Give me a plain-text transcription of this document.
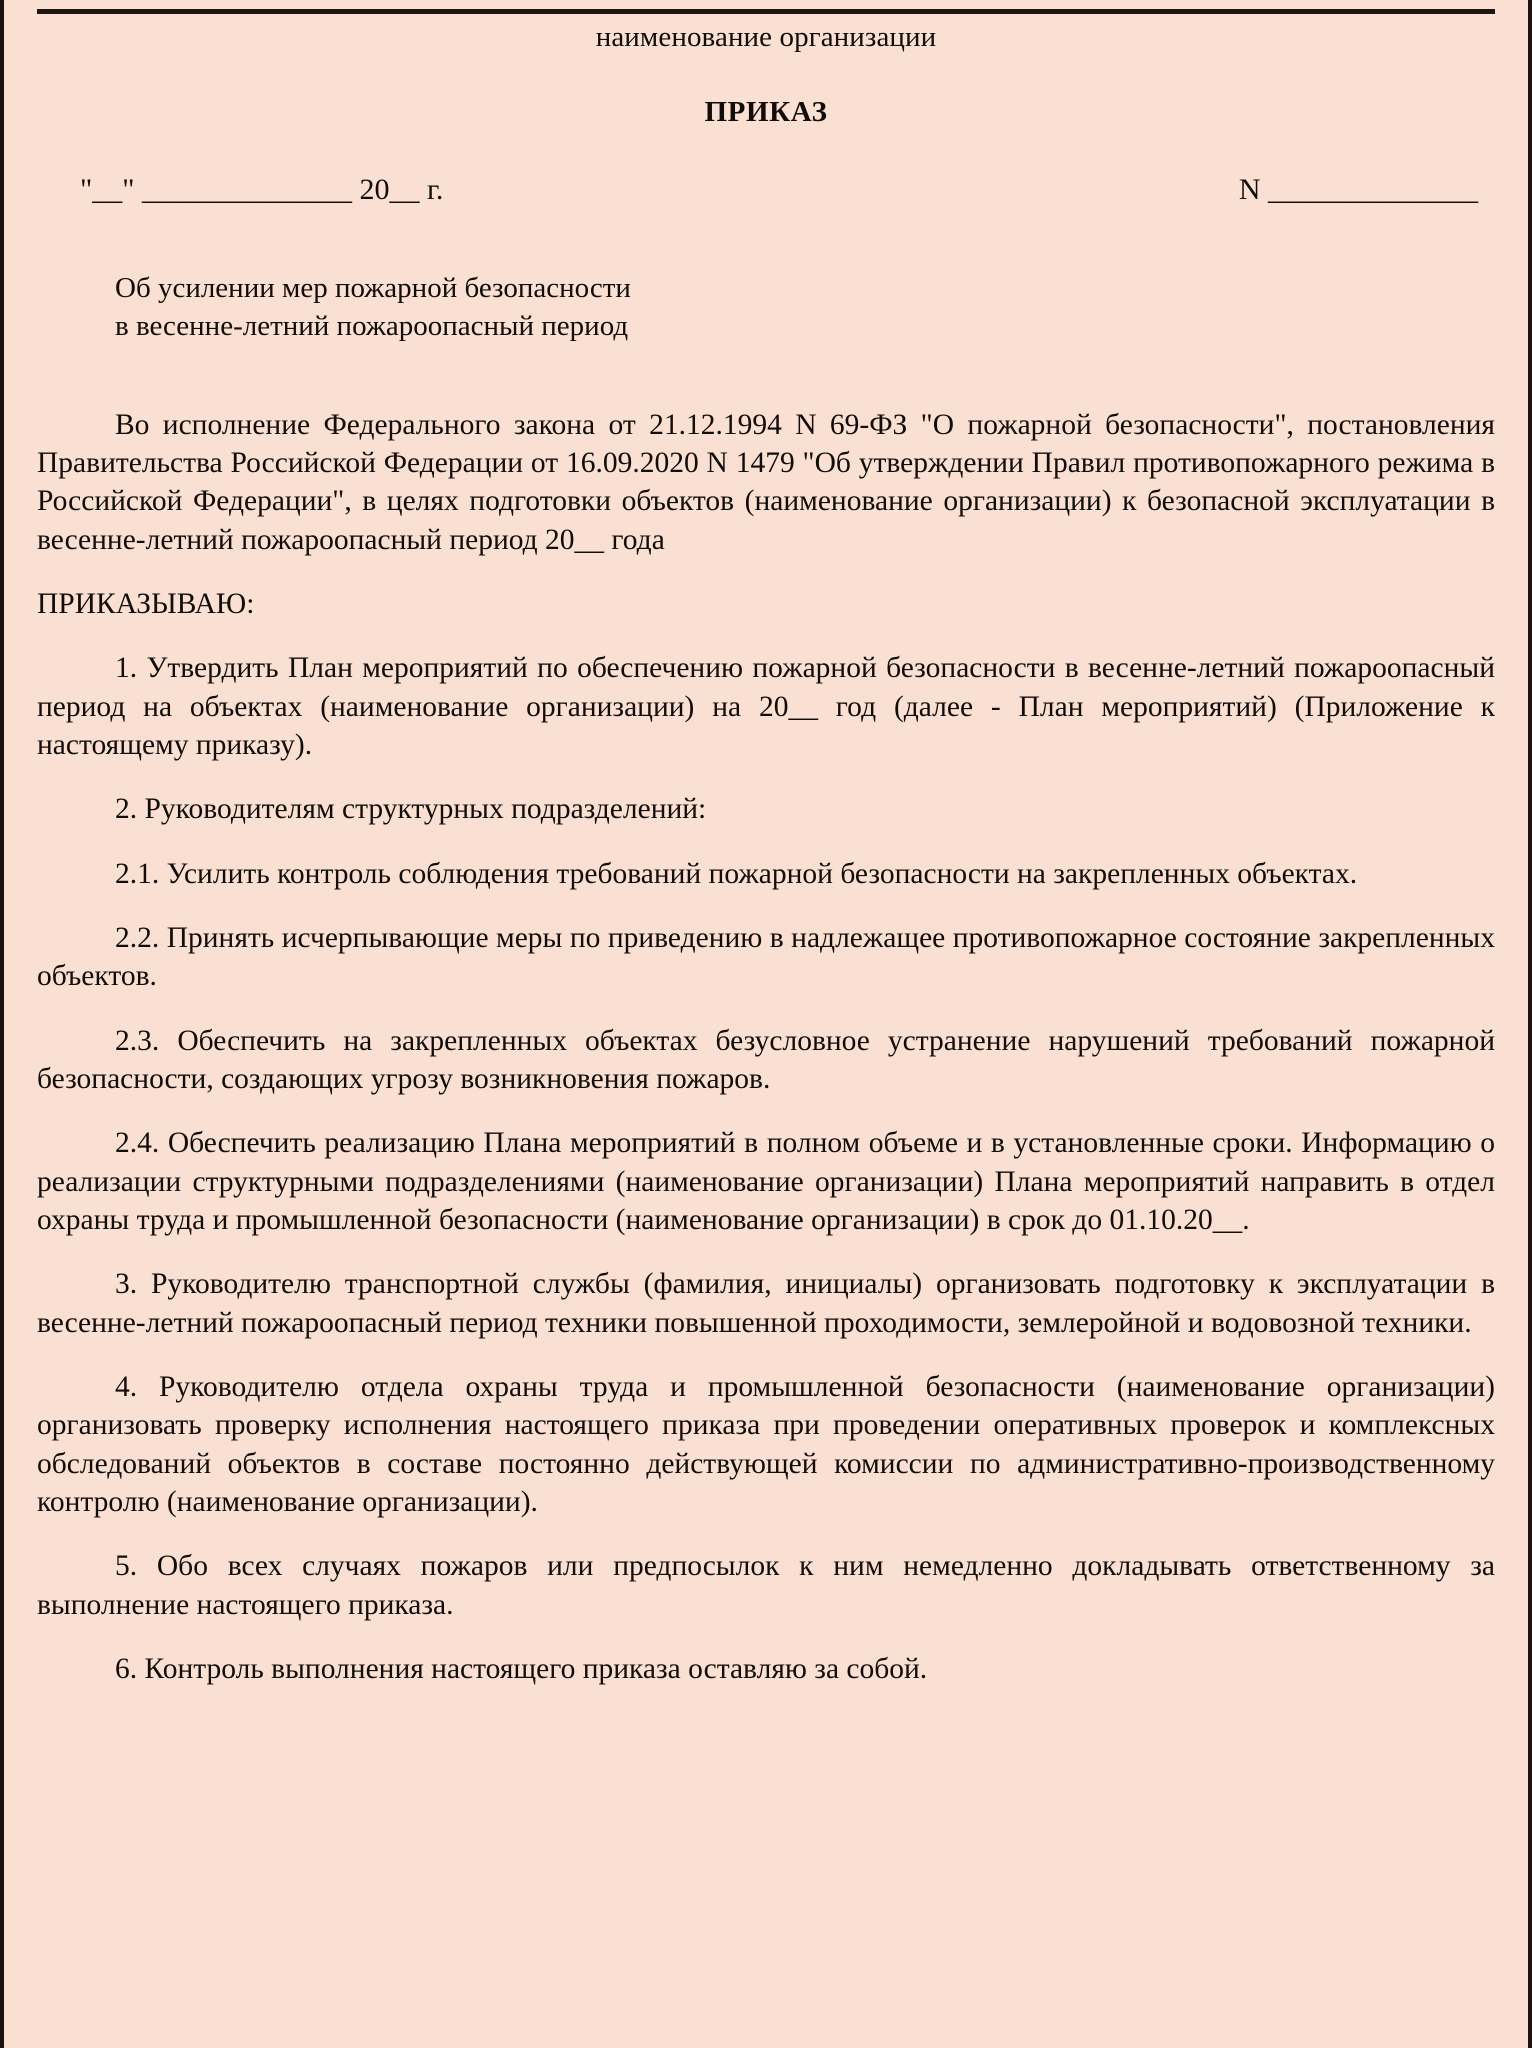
наименование организации
ПРИКАЗ
"__" ______________ 20__ г.	N ______________
Об усилении мер пожарной безопасности
в весенне-летний пожароопасный период

Во исполнение Федерального закона от 21.12.1994 N 69-ФЗ "О пожарной безопасности", постановления Правительства Российской Федерации от 16.09.2020 N 1479 "Об утверждении Правил противопожарного режима в Российской Федерации", в целях подготовки объектов (наименование организации) к безопасной эксплуатации в весенне-летний пожароопасный период 20__ года

ПРИКАЗЫВАЮ:

1. Утвердить План мероприятий по обеспечению пожарной безопасности в весенне-летний пожароопасный период на объектах (наименование организации) на 20__ год (далее - План мероприятий) (Приложение к настоящему приказу).

2. Руководителям структурных подразделений:

2.1. Усилить контроль соблюдения требований пожарной безопасности на закрепленных объектах.

2.2. Принять исчерпывающие меры по приведению в надлежащее противопожарное состояние закрепленных объектов.

2.3. Обеспечить на закрепленных объектах безусловное устранение нарушений требований пожарной безопасности, создающих угрозу возникновения пожаров.

2.4. Обеспечить реализацию Плана мероприятий в полном объеме и в установленные сроки. Информацию о реализации структурными подразделениями (наименование организации) Плана мероприятий направить в отдел охраны труда и промышленной безопасности (наименование организации) в срок до 01.10.20__.

3. Руководителю транспортной службы (фамилия, инициалы) организовать подготовку к эксплуатации в весенне-летний пожароопасный период техники повышенной проходимости, землеройной и водовозной техники.

4. Руководителю отдела охраны труда и промышленной безопасности (наименование организации) организовать проверку исполнения настоящего приказа при проведении оперативных проверок и комплексных обследований объектов в составе постоянно действующей комиссии по административно-производственному контролю (наименование организации).

5. Обо всех случаях пожаров или предпосылок к ним немедленно докладывать ответственному за выполнение настоящего приказа.

6. Контроль выполнения настоящего приказа оставляю за собой.
